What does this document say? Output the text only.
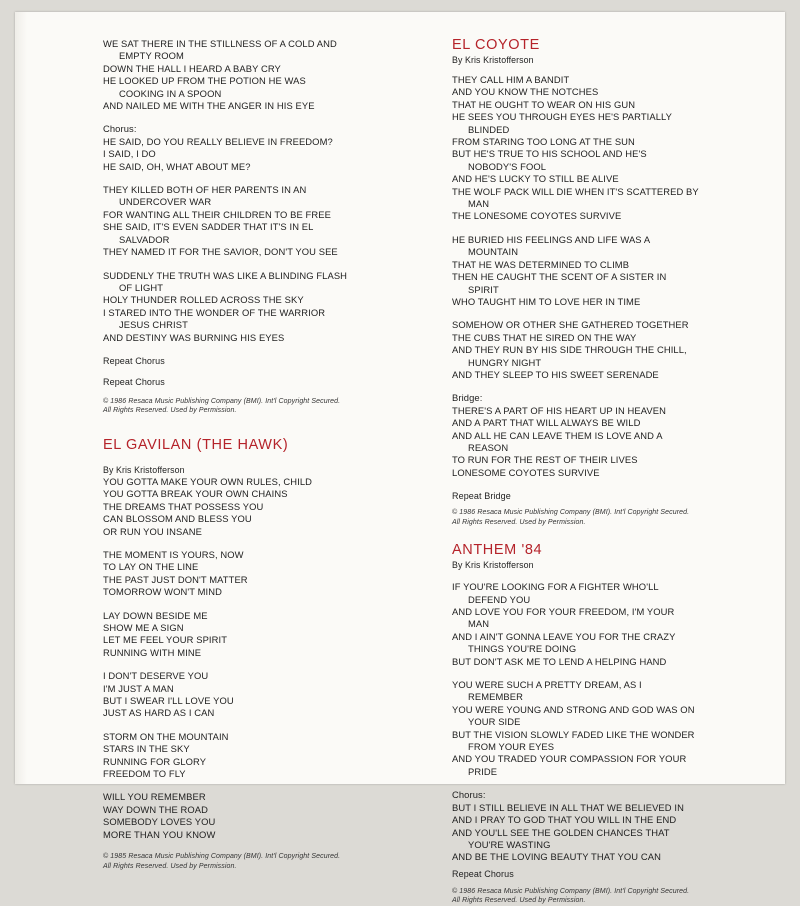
WE SAT THERE IN THE STILLNESS OF A COLD AND
EMPTY ROOM
DOWN THE HALL I HEARD A BABY CRY
HE LOOKED UP FROM THE POTION HE WAS
COOKING IN A SPOON
AND NAILED ME WITH THE ANGER IN HIS EYE
Chorus:
HE SAID, DO YOU REALLY BELIEVE IN FREEDOM?
I SAID, I DO
HE SAID, OH, WHAT ABOUT ME?
THEY KILLED BOTH OF HER PARENTS IN AN
UNDERCOVER WAR
FOR WANTING ALL THEIR CHILDREN TO BE FREE
SHE SAID, IT'S EVEN SADDER THAT IT'S IN EL
SALVADOR
THEY NAMED IT FOR THE SAVIOR, DON'T YOU SEE
SUDDENLY THE TRUTH WAS LIKE A BLINDING FLASH
OF LIGHT
HOLY THUNDER ROLLED ACROSS THE SKY
I STARED INTO THE WONDER OF THE WARRIOR
JESUS CHRIST
AND DESTINY WAS BURNING HIS EYES
Repeat Chorus
Repeat Chorus
© 1986 Resaca Music Publishing Company (BMI). Int'l Copyright Secured.
All Rights Reserved. Used by Permission.
EL GAVILAN (THE HAWK)
By Kris Kristofferson
YOU GOTTA MAKE YOUR OWN RULES, CHILD
YOU GOTTA BREAK YOUR OWN CHAINS
THE DREAMS THAT POSSESS YOU
CAN BLOSSOM AND BLESS YOU
OR RUN YOU INSANE
THE MOMENT IS YOURS, NOW
TO LAY ON THE LINE
THE PAST JUST DON'T MATTER
TOMORROW WON'T MIND
LAY DOWN BESIDE ME
SHOW ME A SIGN
LET ME FEEL YOUR SPIRIT
RUNNING WITH MINE
I DON'T DESERVE YOU
I'M JUST A MAN
BUT I SWEAR I'LL LOVE YOU
JUST AS HARD AS I CAN
STORM ON THE MOUNTAIN
STARS IN THE SKY
RUNNING FOR GLORY
FREEDOM TO FLY
WILL YOU REMEMBER
WAY DOWN THE ROAD
SOMEBODY LOVES YOU
MORE THAN YOU KNOW
© 1985 Resaca Music Publishing Company (BMI). Int'l Copyright Secured.
All Rights Reserved. Used by Permission.
EL COYOTE
By Kris Kristofferson
THEY CALL HIM A BANDIT
AND YOU KNOW THE NOTCHES
THAT HE OUGHT TO WEAR ON HIS GUN
HE SEES YOU THROUGH EYES HE'S PARTIALLY
BLINDED
FROM STARING TOO LONG AT THE SUN
BUT HE'S TRUE TO HIS SCHOOL AND HE'S
NOBODY'S FOOL
AND HE'S LUCKY TO STILL BE ALIVE
THE WOLF PACK WILL DIE WHEN IT'S SCATTERED BY
MAN
THE LONESOME COYOTES SURVIVE
HE BURIED HIS FEELINGS AND LIFE WAS A
MOUNTAIN
THAT HE WAS DETERMINED TO CLIMB
THEN HE CAUGHT THE SCENT OF A SISTER IN
SPIRIT
WHO TAUGHT HIM TO LOVE HER IN TIME
SOMEHOW OR OTHER SHE GATHERED TOGETHER
THE CUBS THAT HE SIRED ON THE WAY
AND THEY RUN BY HIS SIDE THROUGH THE CHILL,
HUNGRY NIGHT
AND THEY SLEEP TO HIS SWEET SERENADE
Bridge:
THERE'S A PART OF HIS HEART UP IN HEAVEN
AND A PART THAT WILL ALWAYS BE WILD
AND ALL HE CAN LEAVE THEM IS LOVE AND A
REASON
TO RUN FOR THE REST OF THEIR LIVES
LONESOME COYOTES SURVIVE
Repeat Bridge
© 1986 Resaca Music Publishing Company (BMI). Int'l Copyright Secured.
All Rights Reserved. Used by Permission.
ANTHEM '84
By Kris Kristofferson
IF YOU'RE LOOKING FOR A FIGHTER WHO'LL
DEFEND YOU
AND LOVE YOU FOR YOUR FREEDOM, I'M YOUR
MAN
AND I AIN'T GONNA LEAVE YOU FOR THE CRAZY
THINGS YOU'RE DOING
BUT DON'T ASK ME TO LEND A HELPING HAND
YOU WERE SUCH A PRETTY DREAM, AS I
REMEMBER
YOU WERE YOUNG AND STRONG AND GOD WAS ON
YOUR SIDE
BUT THE VISION SLOWLY FADED LIKE THE WONDER
FROM YOUR EYES
AND YOU TRADED YOUR COMPASSION FOR YOUR
PRIDE
Chorus:
BUT I STILL BELIEVE IN ALL THAT WE BELIEVED IN
AND I PRAY TO GOD THAT YOU WILL IN THE END
AND YOU'LL SEE THE GOLDEN CHANCES THAT
YOU'RE WASTING
AND BE THE LOVING BEAUTY THAT YOU CAN
Repeat Chorus
© 1986 Resaca Music Publishing Company (BMI). Int'l Copyright Secured.
All Rights Reserved. Used by Permission.
